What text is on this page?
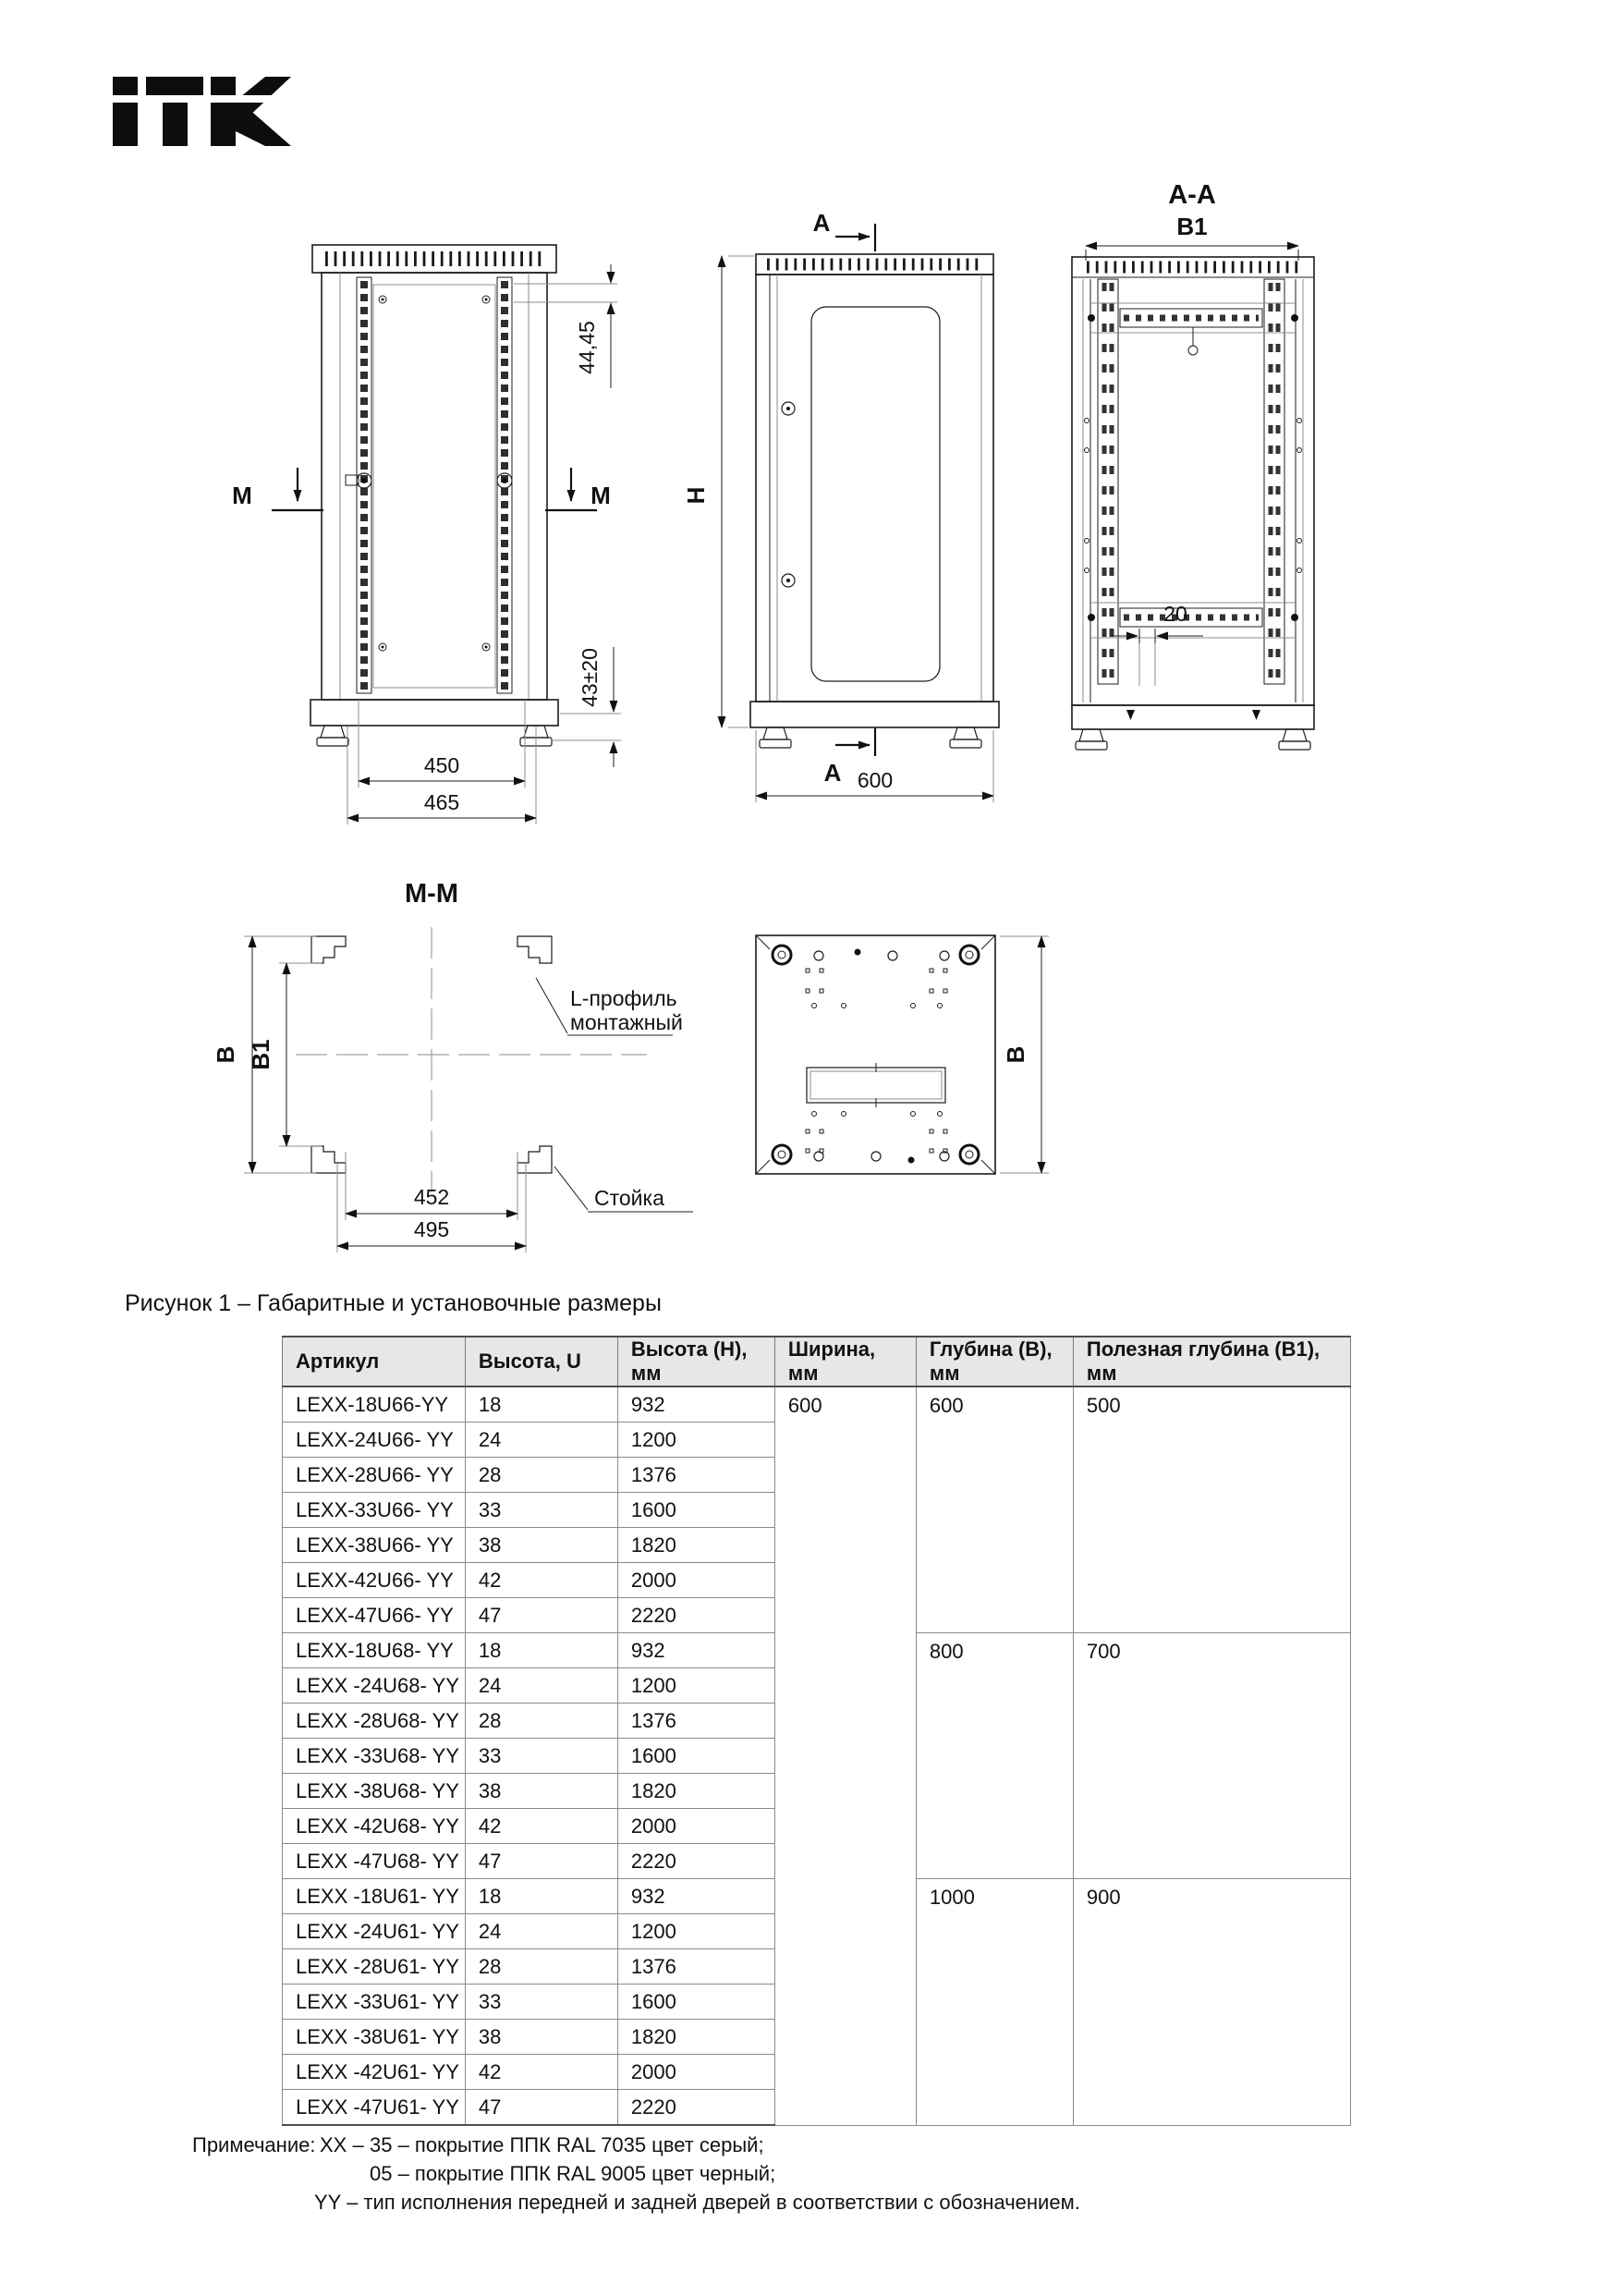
M	M
44,45
43±20
450
465
H
A
A 600
A-A
B1
20
M-M
B B1
452
495
L-профиль
монтажный
Стойка
B
Рисунок 1 – Габаритные и установочные размеры
Артикул	Высота, U	Высота (H), мм	Ширина, мм	Глубина (B), мм	Полезная глубина (B1), мм
LEXX-18U66-YY	18	932	600	600	500
LEXX-24U66- YY	24	1200			
LEXX-28U66- YY	28	1376			
LEXX-33U66- YY	33	1600			
LEXX-38U66- YY	38	1820			
LEXX-42U66- YY	42	2000			
LEXX-47U66- YY	47	2220			
LEXX-18U68- YY	18	932		800	700
LEXX -24U68- YY	24	1200			
LEXX -28U68- YY	28	1376			
LEXX -33U68- YY	33	1600			
LEXX -38U68- YY	38	1820			
LEXX -42U68- YY	42	2000			
LEXX -47U68- YY	47	2220			
LEXX -18U61- YY	18	932		1000	900
LEXX -24U61- YY	24	1200			
LEXX -28U61- YY	28	1376			
LEXX -33U61- YY	33	1600			
LEXX -38U61- YY	38	1820			
LEXX -42U61- YY	42	2000			
LEXX -47U61- YY	47	2220			
Примечание: XX – 35 – покрытие ППК RAL 7035 цвет серый;
05 – покрытие ППК RAL 9005 цвет черный;
YY – тип исполнения передней и задней дверей в соответствии с обозначением.
